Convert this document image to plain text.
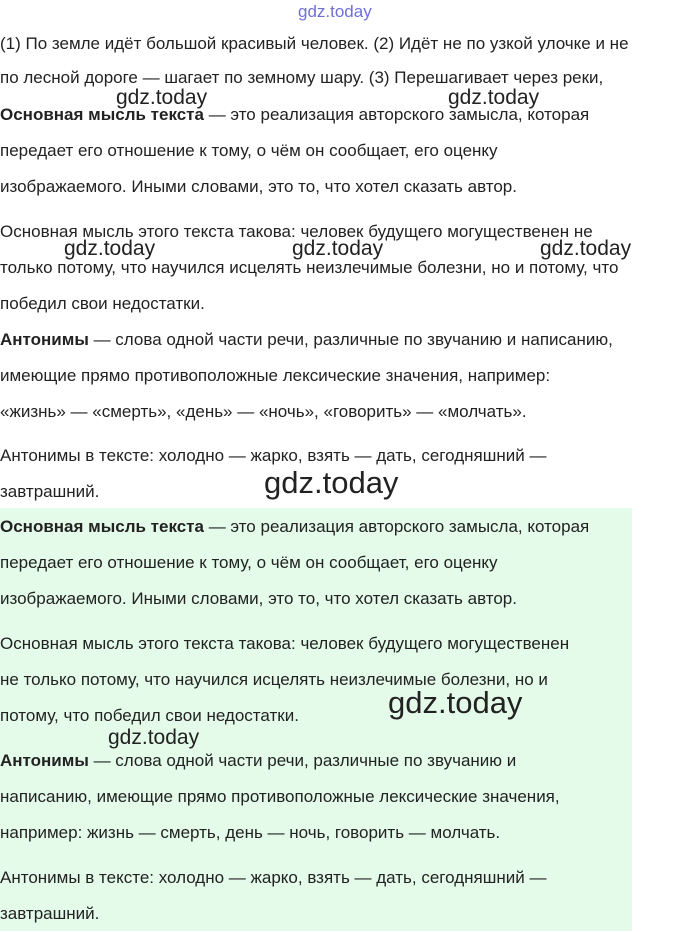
gdz.today

(1) По земле идёт большой красивый человек. (2) Идёт не по узкой улочке и не
по лесной дороге — шагает по земному шару. (3) Перешагивает через реки,

Основная мысль текста — это реализация авторского замысла, которая
передает его отношение к тому, о чём он сообщает, его оценку
изображаемого. Иными словами, это то, что хотел сказать автор.

Основная мысль этого текста такова: человек будущего могущественен не
только потому, что научился исцелять неизлечимые болезни, но и потому, что
победил свои недостатки.

Антонимы — слова одной части речи, различные по звучанию и написанию,
имеющие прямо противоположные лексические значения, например:
«жизнь» — «смерть», «день» — «ночь», «говорить» — «молчать».

Антонимы в тексте: холодно — жарко, взять — дать, сегодняшний —
завтрашний.

Основная мысль текста — это реализация авторского замысла, которая
передает его отношение к тому, о чём он сообщает, его оценку
изображаемого. Иными словами, это то, что хотел сказать автор.

Основная мысль этого текста такова: человек будущего могущественен
не только потому, что научился исцелять неизлечимые болезни, но и
потому, что победил свои недостатки.

Антонимы — слова одной части речи, различные по звучанию и
написанию, имеющие прямо противоположные лексические значения,
например: жизнь — смерть, день — ночь, говорить — молчать.

Антонимы в тексте: холодно — жарко, взять — дать, сегодняшний —
завтрашний.

gdz.today	gdz.today
gdz.today	gdz.today	gdz.today
gdz.today
gdz.today
gdz.today
